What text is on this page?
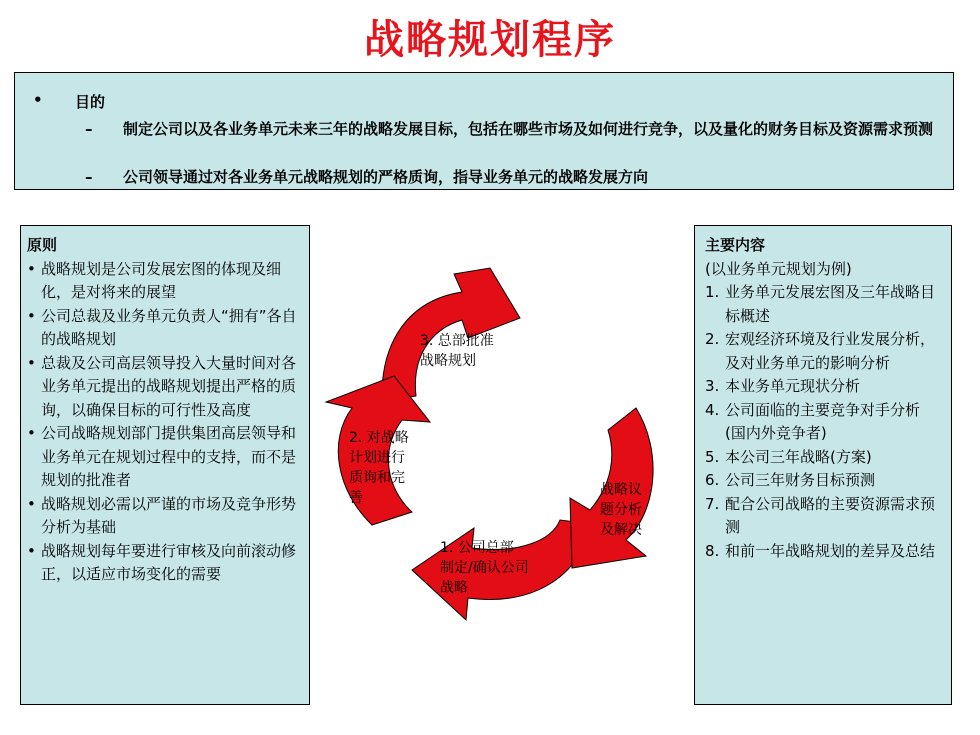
战略规划程序
• 目的
–	制定公司以及各业务单元未来三年的战略发展目标，包括在哪些市场及如何进行竞争，以及量化的财务目标及资源需求预测
–	公司领导通过对各业务单元战略规划的严格质询，指导业务单元的战略发展方向
原则
• 战略规划是公司发展宏图的体现及细化，是对将来的展望
• 公司总裁及业务单元负责人“拥有”各自的战略规划
• 总裁及公司高层领导投入大量时间对各业务单元提出的战略规划提出严格的质询，以确保目标的可行性及高度
• 公司战略规划部门提供集团高层领导和业务单元在规划过程中的支持，而不是规划的批准者
• 战略规划必需以严谨的市场及竞争形势分析为基础
• 战略规划每年要进行审核及向前滚动修正，以适应市场变化的需要
主要内容
(以业务单元规划为例)
1. 业务单元发展宏图及三年战略目标概述
2. 宏观经济环境及行业发展分析，及对业务单元的影响分析
3. 本业务单元现状分析
4. 公司面临的主要竞争对手分析 (国内外竞争者)
5. 本公司三年战略(方案)
6. 公司三年财务目标预测
7. 配合公司战略的主要资源需求预测
8. 和前一年战略规划的差异及总结
3. 总部批准
战略规划
2. 对战略
计划进行
质询和完
善
1. 公司总部
制定/确认公司
战略
战略议
题分析
及解决
